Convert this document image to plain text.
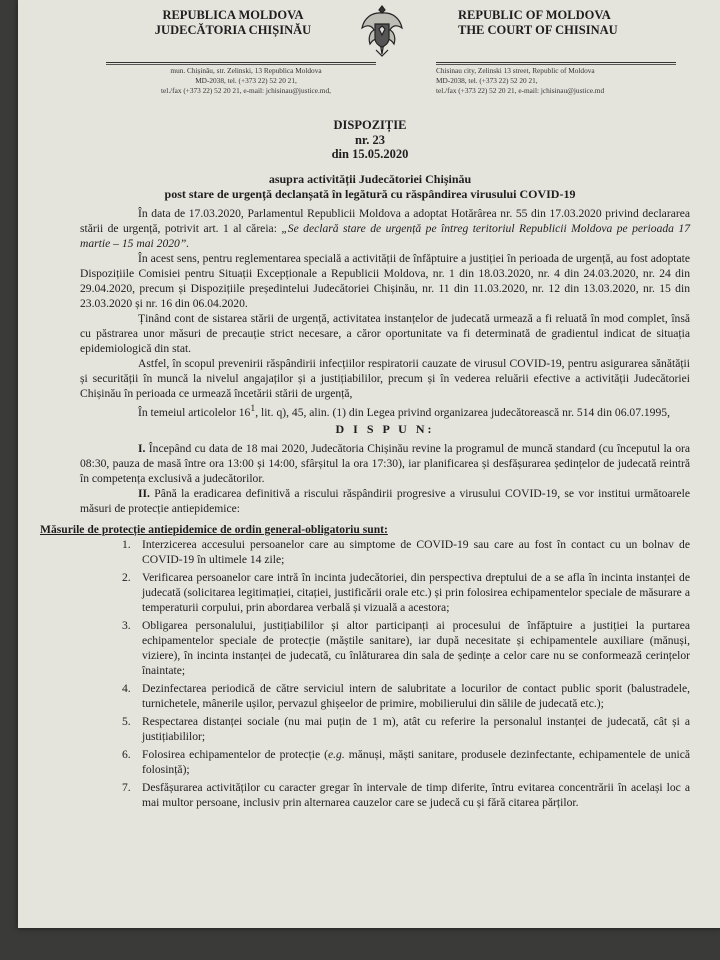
REPUBLICA MOLDOVA
JUDECĂTORIA CHIȘINĂU
REPUBLIC OF MOLDOVA
THE COURT OF CHISINAU
mun. Chișinău, str. Zelinski, 13 Republica Moldova
MD-2038, tel. (+373 22) 52 20 21,
tel./fax (+373 22) 52 20 21, e-mail: jchisinau@justice.md,
Chisinau city, Zelinski 13 street, Republic of Moldova
MD-2038, tel. (+373 22) 52 20 21,
tel./fax (+373 22) 52 20 21, e-mail: jchisinau@justice.md
DISPOZIȚIE
nr. 23
din 15.05.2020
asupra activității Judecătoriei Chișinău
post stare de urgență declanșată în legătură cu răspândirea virusului COVID-19

În data de 17.03.2020, Parlamentul Republicii Moldova a adoptat Hotărârea nr. 55 din 17.03.2020 privind declararea stării de urgență, potrivit art. 1 al căreia: „Se declară stare de urgență pe întreg teritoriul Republicii Moldova pe perioada 17 martie – 15 mai 2020”.

În acest sens, pentru reglementarea specială a activității de înfăptuire a justiției în perioada de urgență, au fost adoptate Dispozițiile Comisiei pentru Situații Excepționale a Republicii Moldova, nr. 1 din 18.03.2020, nr. 4 din 24.03.2020, nr. 24 din 29.04.2020, precum și Dispozițiile președintelui Judecătoriei Chișinău, nr. 11 din 11.03.2020, nr. 12 din 13.03.2020, nr. 15 din 23.03.2020 și nr. 16 din 06.04.2020.

Ținând cont de sistarea stării de urgență, activitatea instanțelor de judecată urmează a fi reluată în mod complet, însă cu păstrarea unor măsuri de precauție strict necesare, a căror oportunitate va fi determinată de gradientul indicat de situația epidemiologică din stat.

Astfel, în scopul prevenirii răspândirii infecțiilor respiratorii cauzate de virusul COVID-19, pentru asigurarea sănătății și securității în muncă la nivelul angajaților și a justițiabililor, precum și în vederea reluării efective a activității Judecătoriei Chișinău în perioada ce urmează încetării stării de urgență,

În temeiul articolelor $16^1$, lit. q), 45, alin. (1) din Legea privind organizarea judecătorească nr. 514 din 06.07.1995,

D I S P U N:

I. Începând cu data de 18 mai 2020, Judecătoria Chișinău revine la programul de muncă standard (cu începutul la ora 08:30, pauza de masă între ora 13:00 și 14:00, sfârșitul la ora 17:30), iar planificarea și desfășurarea ședințelor de judecată reintră în competența exclusivă a judecătorilor.

II. Până la eradicarea definitivă a riscului răspândirii progresive a virusului COVID-19, se vor institui următoarele măsuri de protecție antiepidemice:

Măsurile de protecție antiepidemice de ordin general-obligatoriu sunt:

1. Interzicerea accesului persoanelor care au simptome de COVID-19 sau care au fost în contact cu un bolnav de COVID-19 în ultimele 14 zile;
2. Verificarea persoanelor care intră în incinta judecătoriei, din perspectiva dreptului de a se afla în incinta instanței de judecată (solicitarea legitimației, citației, justificării orale etc.) și prin folosirea echipamentelor speciale de măsurare a temperaturii corpului, prin abordarea verbală și vizuală a acestora;
3. Obligarea personalului, justițiabililor și altor participanți ai procesului de înfăptuire a justiției la purtarea echipamentelor speciale de protecție (măștile sanitare), iar după necesitate și echipamentele auxiliare (mănuși, viziere), în incinta instanței de judecată, cu înlăturarea din sala de ședințe a celor care nu se conformează cerințelor înaintate;
4. Dezinfectarea periodică de către serviciul intern de salubritate a locurilor de contact public sporit (balustradele, turnichetele, mânerile ușilor, pervazul ghișeelor de primire, mobilierului din sălile de judecată etc.);
5. Respectarea distanței sociale (nu mai puțin de 1 m), atât cu referire la personalul instanței de judecată, cât și a justițiabililor;
6. Folosirea echipamentelor de protecție (e.g. mănuși, măști sanitare, produsele dezinfectante, echipamentele de unică folosință);
7. Desfășurarea activităților cu caracter gregar în intervale de timp diferite, întru evitarea concentrării în același loc a mai multor persoane, inclusiv prin alternarea cauzelor care se judecă cu și fără citarea părților.
